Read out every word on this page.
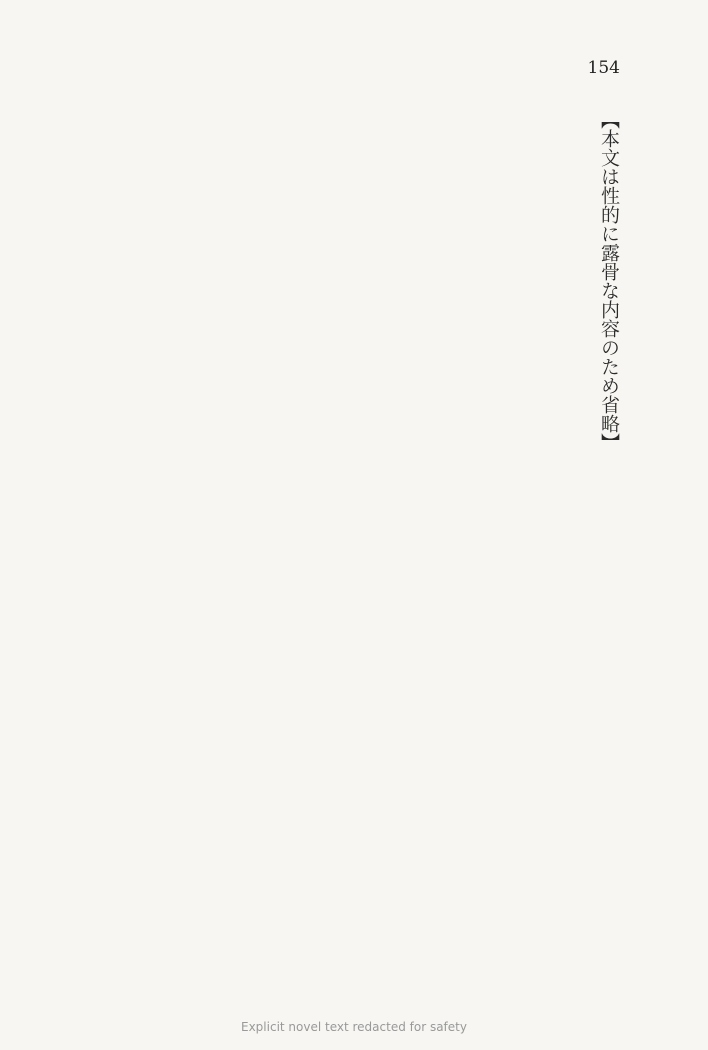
154

【本文は性的に露骨な内容のため省略】

Explicit novel text redacted for safety
